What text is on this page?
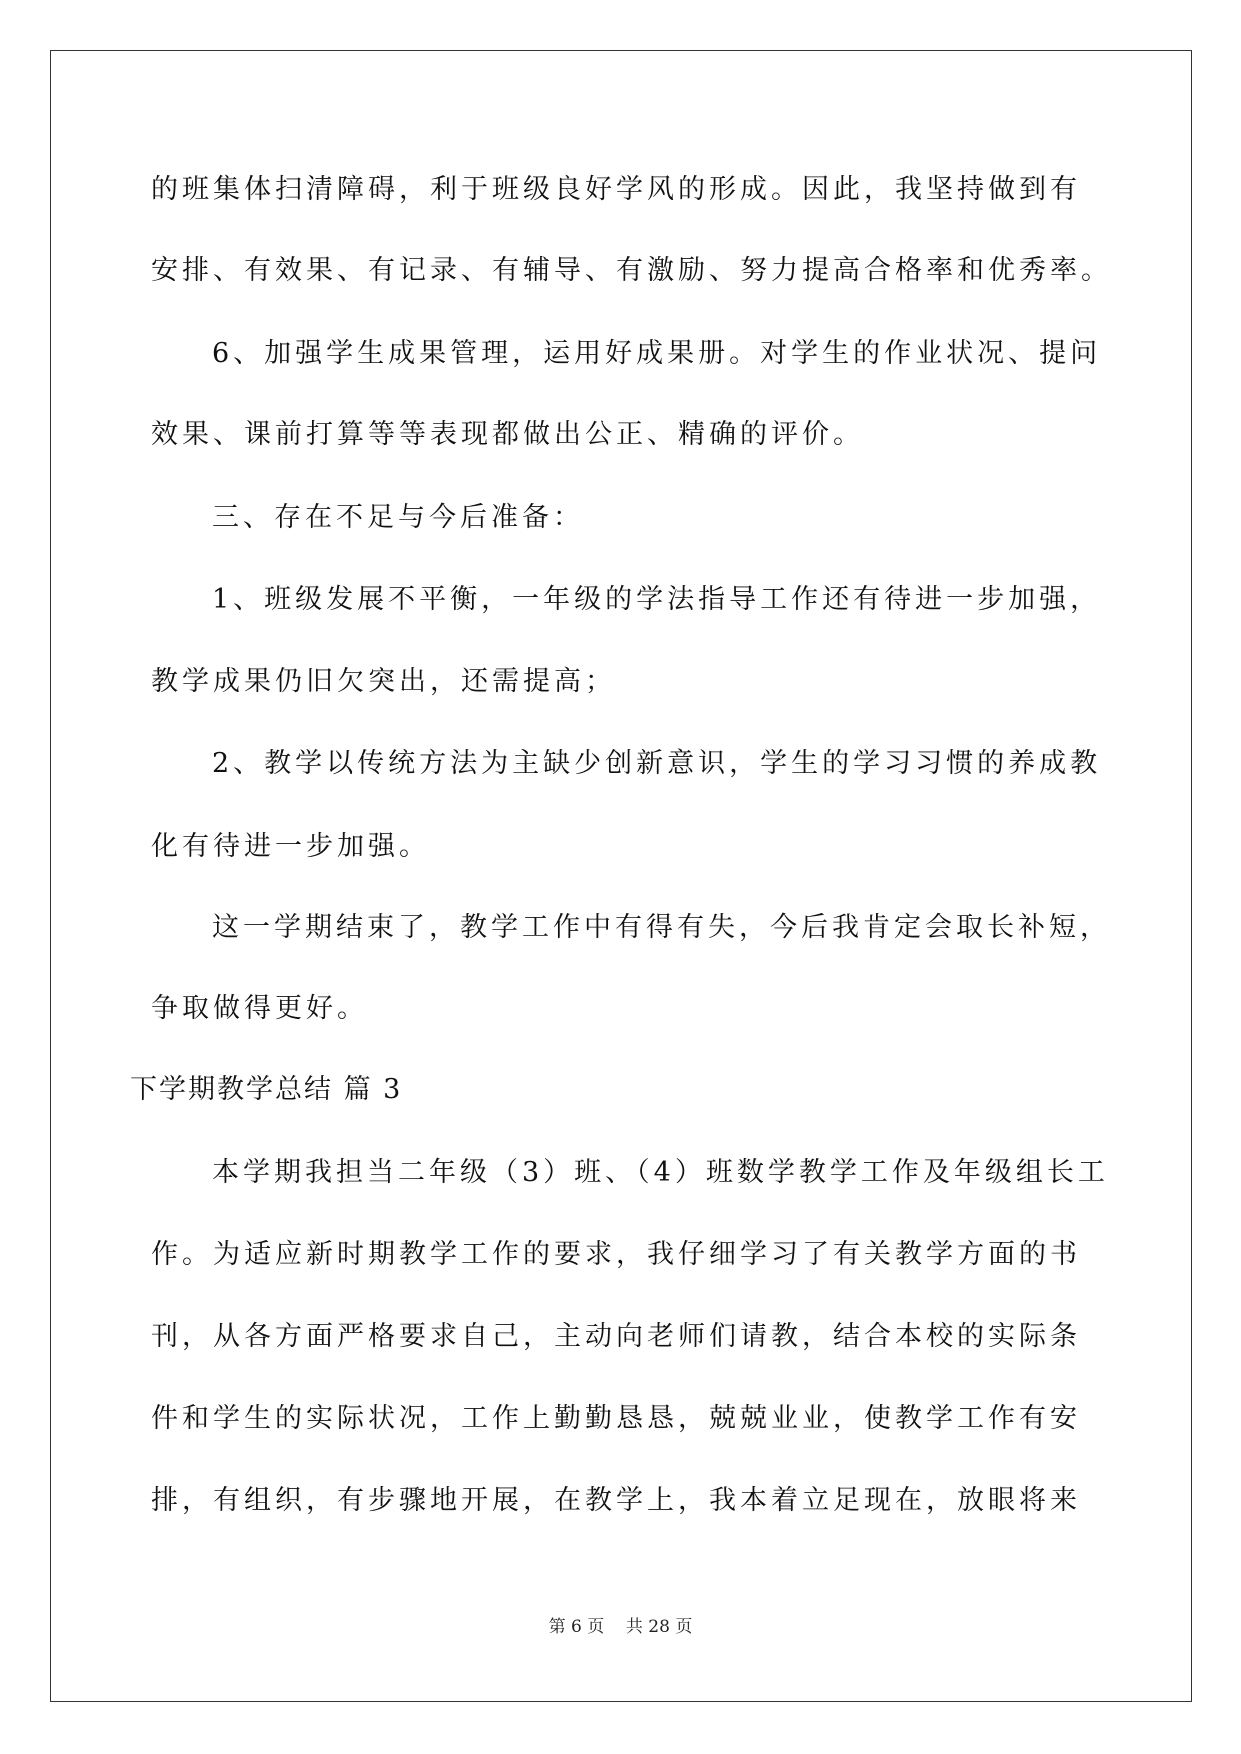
的班集体扫清障碍，利于班级良好学风的形成。因此，我坚持做到有
安排、有效果、有记录、有辅导、有激励、努力提高合格率和优秀率。
6、加强学生成果管理，运用好成果册。对学生的作业状况、提问
效果、课前打算等等表现都做出公正、精确的评价。
三、存在不足与今后准备：
1、班级发展不平衡，一年级的学法指导工作还有待进一步加强，
教学成果仍旧欠突出，还需提高；
2、教学以传统方法为主缺少创新意识，学生的学习习惯的养成教
化有待进一步加强。
这一学期结束了，教学工作中有得有失，今后我肯定会取长补短，
争取做得更好。
下学期教学总结 篇 3
本学期我担当二年级（3）班、（4）班数学教学工作及年级组长工
作。为适应新时期教学工作的要求，我仔细学习了有关教学方面的书
刊，从各方面严格要求自己，主动向老师们请教，结合本校的实际条
件和学生的实际状况，工作上勤勤恳恳，兢兢业业，使教学工作有安
排，有组织，有步骤地开展，在教学上，我本着立足现在，放眼将来
第 6 页    共 28 页
